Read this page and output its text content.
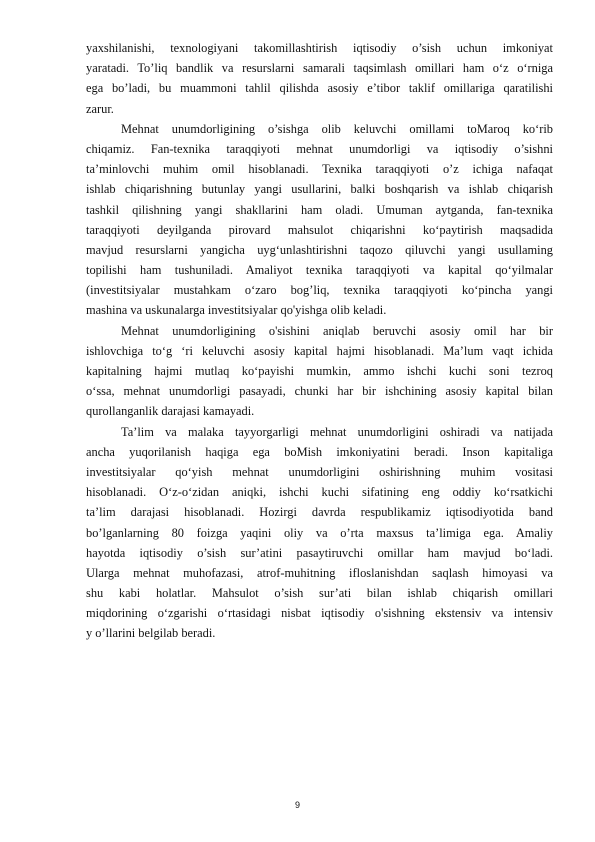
yaxshilanishi, texnologiyani takomillashtirish iqtisodiy o’sish uchun imkoniyat
yaratadi. To’liq bandlik va resurslarni samarali taqsimlash omillari ham o‘z o‘rniga
ega bo’ladi, bu muammoni tahlil qilishda asosiy e’tibor taklif omillariga qaratilishi
zarur.
Mehnat unumdorligining o’sishga olib keluvchi omillami toMaroq ko‘rib
chiqamiz. Fan-texnika taraqqiyoti mehnat unumdorligi va iqtisodiy o’sishni
ta’minlovchi muhim omil hisoblanadi. Texnika taraqqiyoti o’z ichiga nafaqat
ishlab chiqarishning butunlay yangi usullarini, balki boshqarish va ishlab chiqarish
tashkil qilishning yangi shakllarini ham oladi. Umuman aytganda, fan-texnika
taraqqiyoti deyilganda pirovard mahsulot chiqarishni ko‘paytirish maqsadida
mavjud resurslarni yangicha uyg‘unlashtirishni taqozo qiluvchi yangi usullaming
topilishi ham tushuniladi. Amaliyot texnika taraqqiyoti va kapital qo‘yilmalar
(investitsiyalar mustahkam o‘zaro bog’liq, texnika taraqqiyoti ko‘pincha yangi
mashina va uskunalarga investitsiyalar qo'yishga olib keladi.
Mehnat unumdorligining o'sishini aniqlab beruvchi asosiy omil har bir
ishlovchiga to‘g ‘ri keluvchi asosiy kapital hajmi hisoblanadi. Ma’lum vaqt ichida
kapitalning hajmi mutlaq ko‘payishi mumkin, ammo ishchi kuchi soni tezroq
o‘ssa, mehnat unumdorligi pasayadi, chunki har bir ishchining asosiy kapital bilan
qurollanganlik darajasi kamayadi.
Ta’lim va malaka tayyorgarligi mehnat unumdorligini oshiradi va natijada
ancha yuqorilanish haqiga ega boMish imkoniyatini beradi. Inson kapitaliga
investitsiyalar qo‘yish mehnat unumdorligini oshirishning muhim vositasi
hisoblanadi. O‘z-o‘zidan aniqki, ishchi kuchi sifatining eng oddiy ko‘rsatkichi
ta’lim darajasi hisoblanadi. Hozirgi davrda respublikamiz iqtisodiyotida band
bo’lganlarning 80 foizga yaqini oliy va o’rta maxsus ta’limiga ega. Amaliy
hayotda iqtisodiy o’sish sur’atini pasaytiruvchi omillar ham mavjud bo‘ladi.
Ularga mehnat muhofazasi, atrof-muhitning ifloslanishdan saqlash himoyasi va
shu kabi holatlar. Mahsulot o’sish sur’ati bilan ishlab chiqarish omillari
miqdorining o‘zgarishi o‘rtasidagi nisbat iqtisodiy o'sishning ekstensiv va intensiv
y o’llarini belgilab beradi.
9
